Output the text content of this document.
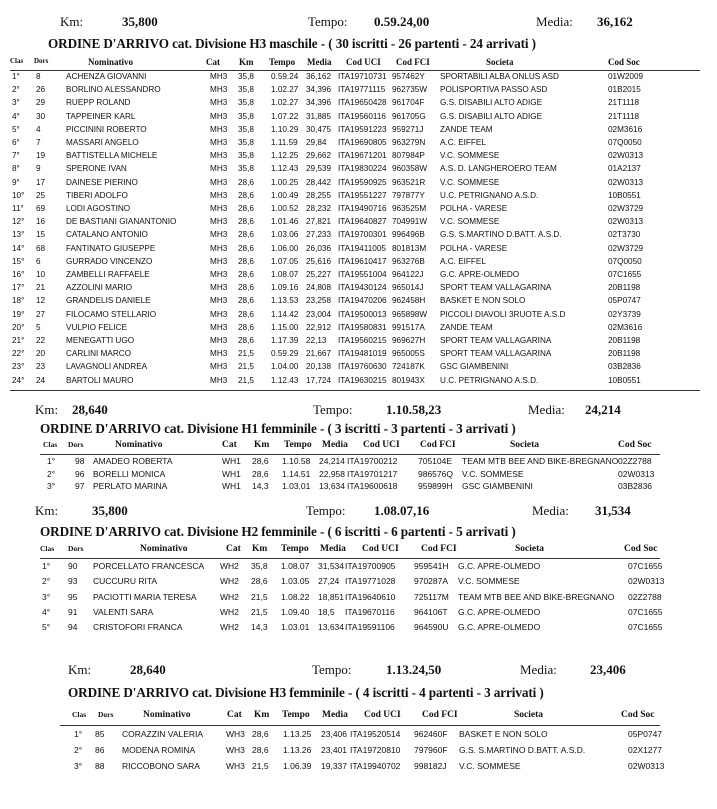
Km:	35,800	Tempo: 0.59.24,00	Media: 36,162
ORDINE D'ARRIVO cat. Divisione H3 maschile - ( 30 iscritti - 26 partenti - 24 arrivati )
Clas Dors	Nominativo	Cat Km Tempo Media Cod UCI Cod FCI	Societa	Cod Soc
1°	8	ACHENZA GIOVANNI	MH3	35,8	0.59.24 36,162 ITA19710731 957462Y	SPORTABILI ALBA ONLUS ASD	01W2009
2°	26	BORLINO ALESSANDRO	MH3	35,8	1.02.27 34,396 ITA19771115 962735W	POLISPORTIVA PASSO ASD	01B2015
3°	29	RUEPP ROLAND	MH3	35,8	1.02.27 34,396 ITA19650428 961704F	G.S. DISABILI ALTO ADIGE	21T1118
4°	30	TAPPEINER KARL	MH3	35,8	1.07.22 31,885 ITA19560116 961705G	G.S. DISABILI ALTO ADIGE	21T1118
5°	4	PICCININI ROBERTO	MH3	35,8	1.10.29 30,475 ITA19591223 959271J	ZANDE TEAM	02M3616
6°	7	MASSARI ANGELO	MH3	35,8	1.11.59	29,84	ITA19690805 963279N	A.C. EIFFEL	07Q0050
7°	19	BATTISTELLA MICHELE	MH3	35,8	1.12.25 29,662 ITA19671201 807984P	V.C. SOMMESE	02W0313
8°	9	SPERONE IVAN	MH3	35,8	1.12.43 29,539 ITA19830224 960358W	A.S. D. LANGHEROERO TEAM	01A2137
9°	17	DAINESE PIERINO	MH3	28,6	1.00.25 28,442 ITA19590925 963521R	V.C. SOMMESE	02W0313
10°	25	TIBERI ADOLFO	MH3	28,6	1.00.49 28,255 ITA19551227 797877Y	U.C. PETRIGNANO A.S.D.	10B0551
11°	69	LODI AGOSTINO	MH3	28,6	1.00.52 28,232 ITA19490716 963525M	POLHA - VARESE	02W3729
12°	16	DE BASTIANI GIANANTONIO	MH3	28,6	1.01.46 27,821 ITA19640827 704991W	V.C. SOMMESE	02W0313
13°	15	CATALANO ANTONIO	MH3	28,6	1.03.06 27,233 ITA19700301 996496B	G.S. S.MARTINO D.BATT. A.S.D.	02T3730
14°	68	FANTINATO GIUSEPPE	MH3	28,6	1.06.00 26,036 ITA19411005 801813M	POLHA - VARESE	02W3729
15°	6	GURRADO VINCENZO	MH3	28,6	1.07.05 25,616 ITA19610417 963276B	A.C. EIFFEL	07Q0050
16°	10	ZAMBELLI RAFFAELE	MH3	28,6	1.08.07 25,227 ITA19551004 964122J	G.C. APRE-OLMEDO	07C1655
17°	21	AZZOLINI MARIO	MH3	28,6	1.09.16 24,808 ITA19430124 965014J	SPORT TEAM VALLAGARINA	20B1198
18°	12	GRANDELIS DANIELE	MH3	28,6	1.13.53 23,258 ITA19470206 962458H	BASKET E NON SOLO	05P0747
19°	27	FILOCAMO STELLARIO	MH3	28,6	1.14.42 23,004 ITA19500013 965898W	PICCOLI DIAVOLI 3RUOTE A.S.D	02Y3739
20°	5	VULPIO FELICE	MH3	28,6	1.15.00 22,912 ITA19580831 991517A	ZANDE TEAM	02M3616
21°	22	MENEGATTI UGO	MH3	28,6	1.17.39 22,13	ITA19560215 969627H	SPORT TEAM VALLAGARINA	20B1198
22°	20	CARLINI MARCO	MH3	21,5	0.59.29 21,667 ITA19481019 965005S	SPORT TEAM VALLAGARINA	20B1198
23°	23	LAVAGNOLI ANDREA	MH3	21,5	1.04.00 20,138 ITA19760630 724187K	GSC GIAMBENINI	03B2836
24°	24	BARTOLI MAURO	MH3	21,5	1.12.43 17,724 ITA19630215 801943X	U.C. PETRIGNANO A.S.D.	10B0551
Km: 28,640	Tempo:	1.10.58,23	Media: 24,214
ORDINE D'ARRIVO cat. Divisione H1 femminile - ( 3 iscritti - 3 partenti - 3 arrivati )
Clas Dors	Nominativo	Cat Km Tempo Media Cod UCI Cod FCI	Societa	Cod Soc
1°	98	AMADEO ROBERTA	WH1	28,6	1.10.58	24,214 ITA19700212	705104E	TEAM MTB BEE AND BIKE-BREGNANO 02Z2788
2°	96	BORELLI MONICA	WH1	28,6	1.14.51	22,958 ITA19701217	986576Q	V.C. SOMMESE	02W0313
3°	97	PERLATO MARINA	WH1	14,3	1.03.01	13,634 ITA19600618	959899H	GSC GIAMBENINI	03B2836
Km:	35,800	Tempo: 1.08.07,16	Media: 31,534
ORDINE D'ARRIVO cat. Divisione H2 femminile - ( 6 iscritti - 6 partenti - 5 arrivati )
Clas Dors	Nominativo	Cat Km Tempo Media Cod UCI Cod FCI	Societa	Cod Soc
1°	90	PORCELLATO FRANCESCA	WH2	35,8	1.08.07	31,534 ITA19700905	959541H	G.C. APRE-OLMEDO	07C1655
2°	93	CUCCURU RITA	WH2	28,6	1.03.05	27,24 ITA19771028	970287A	V.C. SOMMESE	02W0313
3°	95	PACIOTTI MARIA TERESA	WH2	21,5	1.08.22	18,851 ITA19640610	725117M	TEAM MTB BEE AND BIKE-BREGNANO	02Z2788
4°	91	VALENTI SARA	WH2	21,5	1.09.40	18,5	ITA19670116	964106T	G.C. APRE-OLMEDO	07C1655
5°	94	CRISTOFORI FRANCA	WH2	14,3	1.03.01	13,634 ITA19591106	964590U	G.C. APRE-OLMEDO	07C1655
Km:	28,640	Tempo:	1.13.24,50	Media:	23,406
ORDINE D'ARRIVO cat. Divisione H3 femminile - ( 4 iscritti - 4 partenti - 3 arrivati )
Clas Dors	Nominativo	Cat Km Tempo Media Cod UCI Cod FCI	Societa	Cod Soc
1°	85	CORAZZIN VALERIA	WH3 28,6	1.13.25	23,406 ITA19520514	962460F	BASKET E NON SOLO	05P0747
2°	86	MODENA ROMINA	WH3 28,6	1.13.26	23,401 ITA19720810	797960F	G.S. S.MARTINO D.BATT. A.S.D.	02X1277
3°	88	RICCOBONO SARA	WH3 21,5	1.06.39	19,337 ITA19940702	998182J	V.C. SOMMESE	02W0313
